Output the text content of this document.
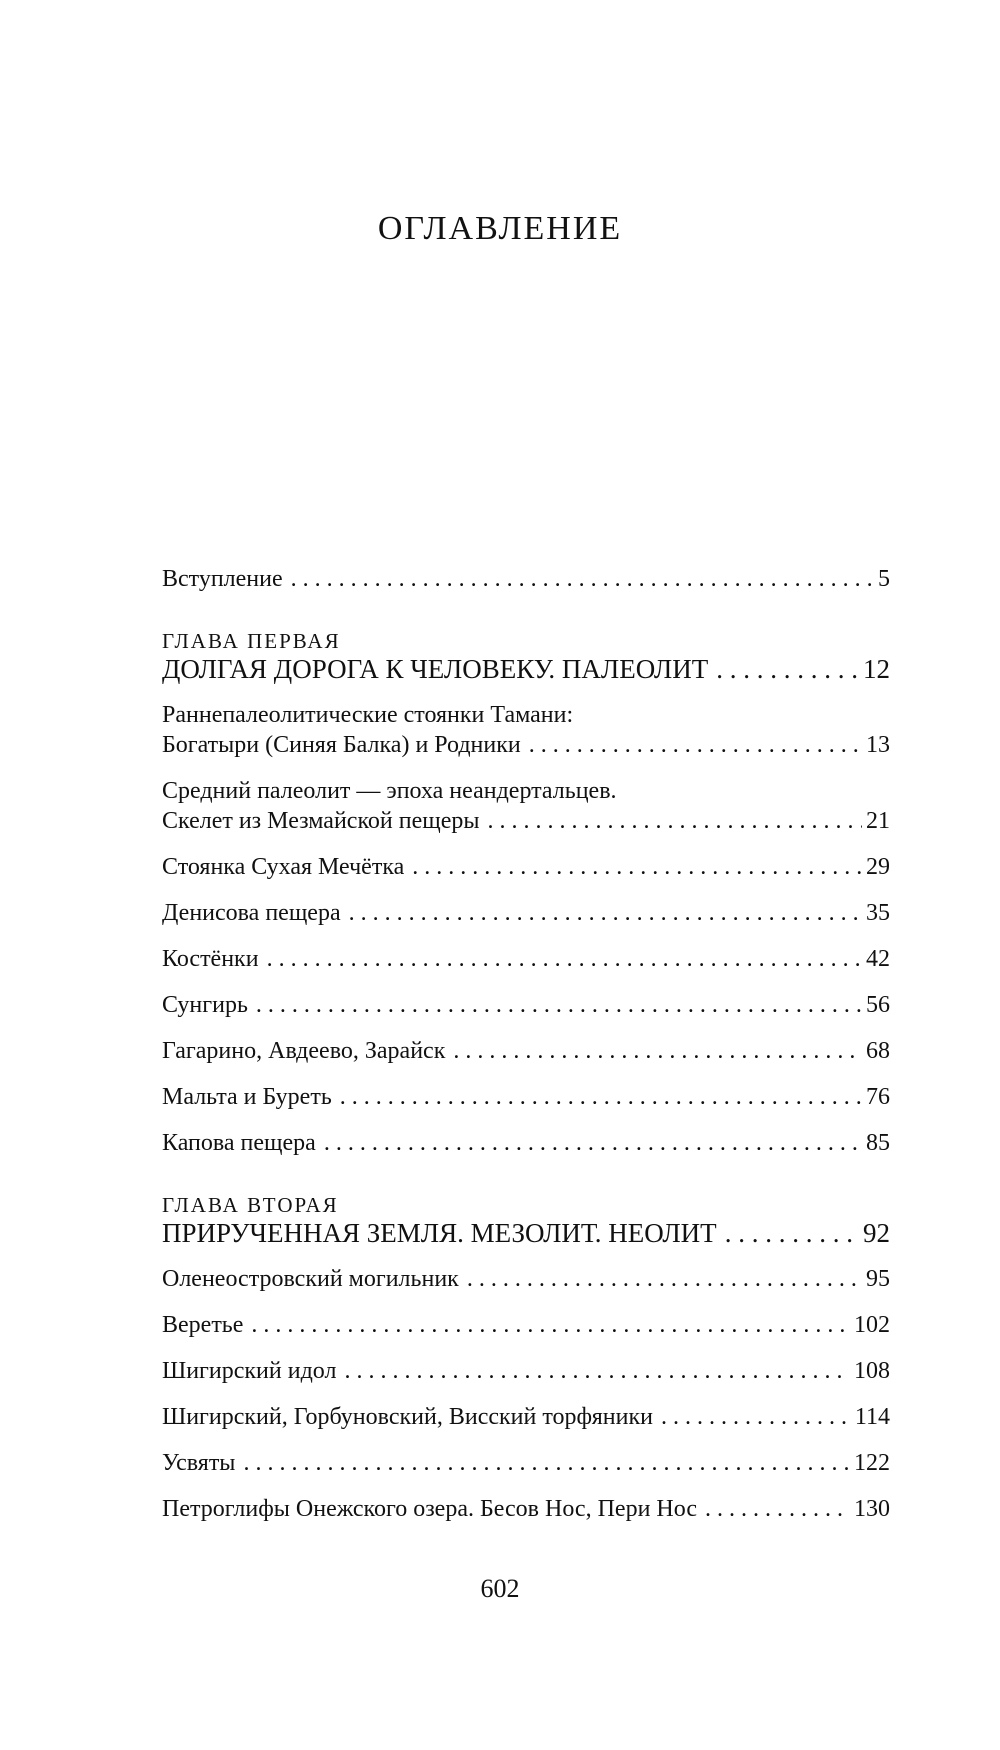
ОГЛАВЛЕНИЕ
Вступление . . .	5
ГЛАВА ПЕРВАЯ
ДОЛГАЯ ДОРОГА К ЧЕЛОВЕКУ. ПАЛЕОЛИТ . . .	12
Раннепалеолитические стоянки Тамани:
Богатыри (Синяя Балка) и Родники . . .	13
Средний палеолит — эпоха неандертальцев.
Скелет из Мезмайской пещеры . . .	21
Стоянка Сухая Мечётка . . .	29
Денисова пещера . . .	35
Костёнки . . .	42
Сунгирь . . .	56
Гагарино, Авдеево, Зарайск . . .	68
Мальта и Буреть . . .	76
Капова пещера . . .	85
ГЛАВА ВТОРАЯ
ПРИРУЧЕННАЯ ЗЕМЛЯ. МЕЗОЛИТ. НЕОЛИТ . . .	92
Оленеостровский могильник . . .	95
Веретье . . .	102
Шигирский идол . . .	108
Шигирский, Горбуновский, Висский торфяники . . .	114
Усвяты . . .	122
Петроглифы Онежского озера. Бесов Нос, Пери Нос . . .	130
602
